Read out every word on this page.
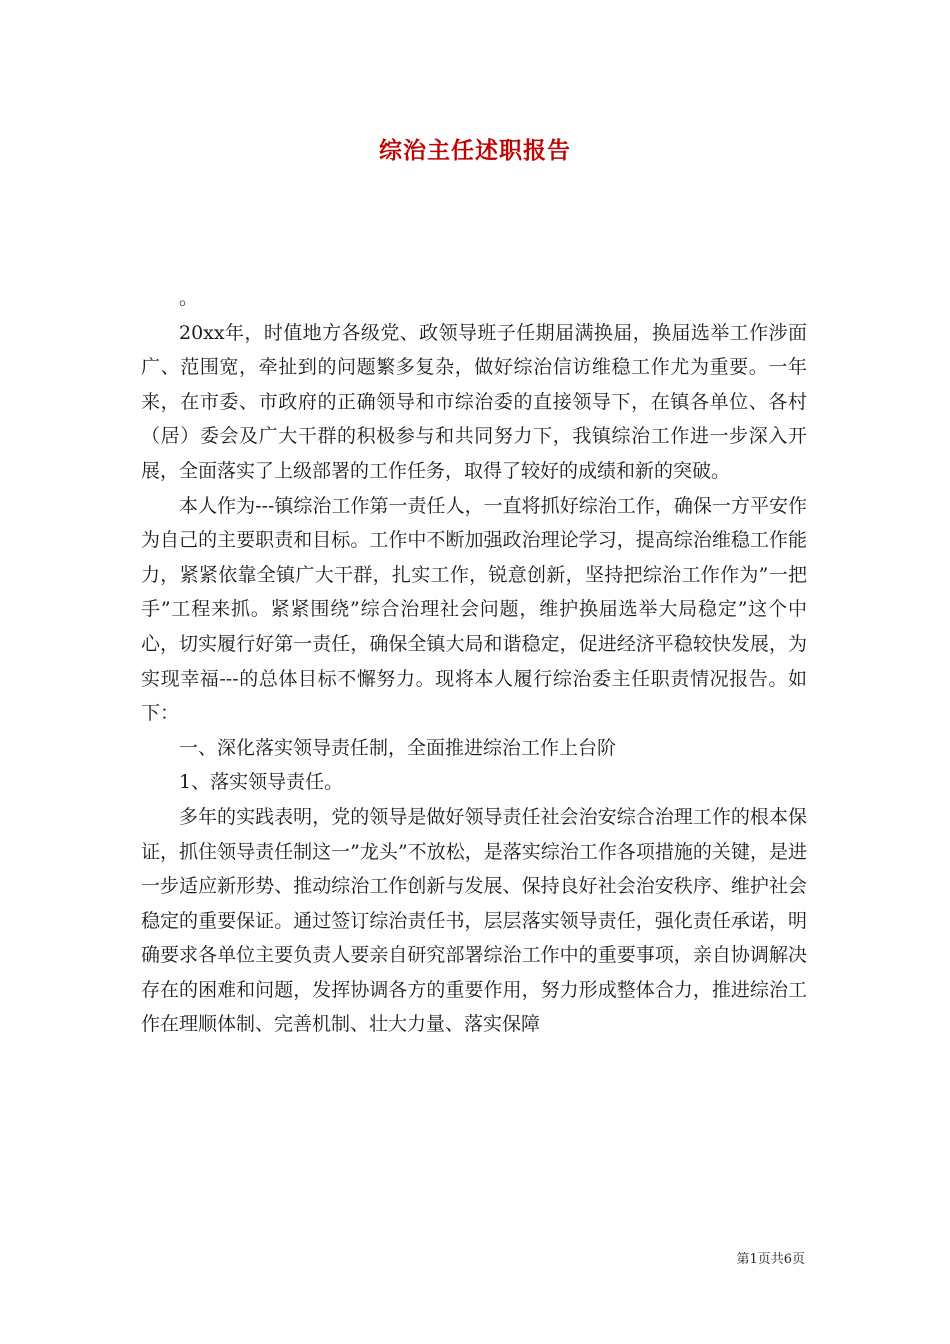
综治主任述职报告

。

20xx年，时值地方各级党、政领导班子任期届满换届，换届选举工作涉面广、范围宽，牵扯到的问题繁多复杂，做好综治信访维稳工作尤为重要。一年来，在市委、市政府的正确领导和市综治委的直接领导下，在镇各单位、各村（居）委会及广大干群的积极参与和共同努力下，我镇综治工作进一步深入开展，全面落实了上级部署的工作任务，取得了较好的成绩和新的突破。

本人作为---镇综治工作第一责任人，一直将抓好综治工作，确保一方平安作为自己的主要职责和目标。工作中不断加强政治理论学习，提高综治维稳工作能力，紧紧依靠全镇广大干群，扎实工作，锐意创新，坚持把综治工作作为”一把手”工程来抓。紧紧围绕”综合治理社会问题，维护换届选举大局稳定”这个中心，切实履行好第一责任，确保全镇大局和谐稳定，促进经济平稳较快发展，为实现幸福---的总体目标不懈努力。现将本人履行综治委主任职责情况报告。如下：

一、深化落实领导责任制，全面推进综治工作上台阶

1、落实领导责任。

多年的实践表明，党的领导是做好领导责任社会治安综合治理工作的根本保证，抓住领导责任制这一”龙头”不放松，是落实综治工作各项措施的关键，是进一步适应新形势、推动综治工作创新与发展、保持良好社会治安秩序、维护社会稳定的重要保证。通过签订综治责任书，层层落实领导责任，强化责任承诺，明确要求各单位主要负责人要亲自研究部署综治工作中的重要事项，亲自协调解决存在的困难和问题，发挥协调各方的重要作用，努力形成整体合力，推进综治工作在理顺体制、完善机制、壮大力量、落实保障

第1页共6页
